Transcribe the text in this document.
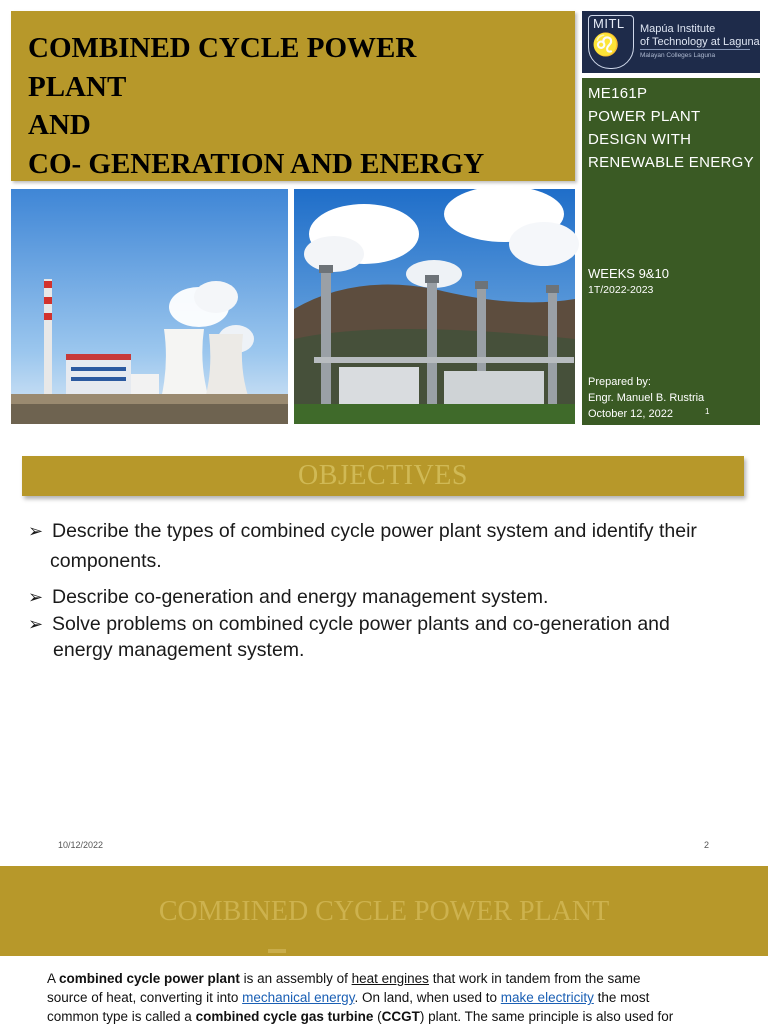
COMBINED CYCLE POWER
PLANT
AND
CO- GENERATION AND ENERGY
MITL
♌
Mapúa Institute
of Technology at Laguna
Malayan Colleges Laguna
ME161P
POWER PLANT
DESIGN WITH
RENEWABLE ENERGY
WEEKS 9&10
1T/2022-2023
Prepared by:
Engr. Manuel B. Rustria
October 12, 2022	1
OBJECTIVES
➢ Describe the types of combined cycle power plant system and identify their
components.
➢ Describe co-generation and energy management system.
➢ Solve problems on combined cycle power plants and co-generation and
energy management system.
10/12/2022	2
COMBINED CYCLE POWER PLANT
A combined cycle power plant is an assembly of heat engines that work in tandem from the same
source of heat, converting it into mechanical energy. On land, when used to make electricity the most
common type is called a combined cycle gas turbine (CCGT) plant. The same principle is also used for
